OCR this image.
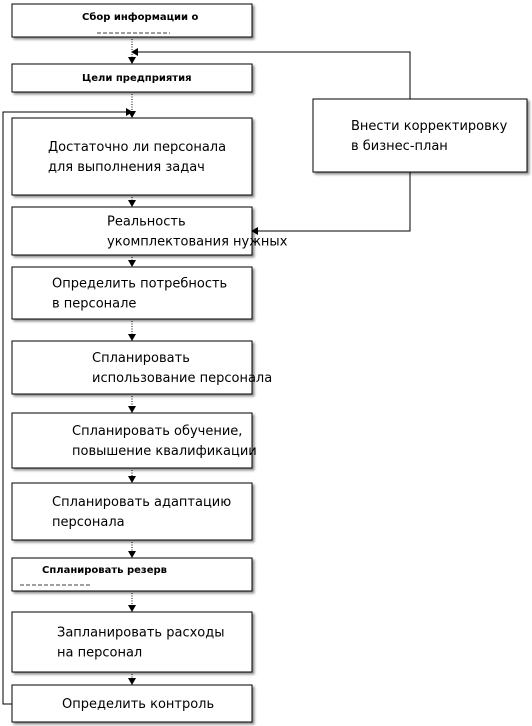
Сбор информации о
Цели предприятия
Достаточно ли персонала
для выполнения задач
Реальность
укомплектования нужных
Определить потребность
в персонале
Спланировать
использование персонала
Спланировать обучение,
повышение квалификации
Спланировать адаптацию
персонала
Спланировать резерв
Запланировать расходы
на персонал
Определить контроль
Внести корректировку
в бизнес-план
